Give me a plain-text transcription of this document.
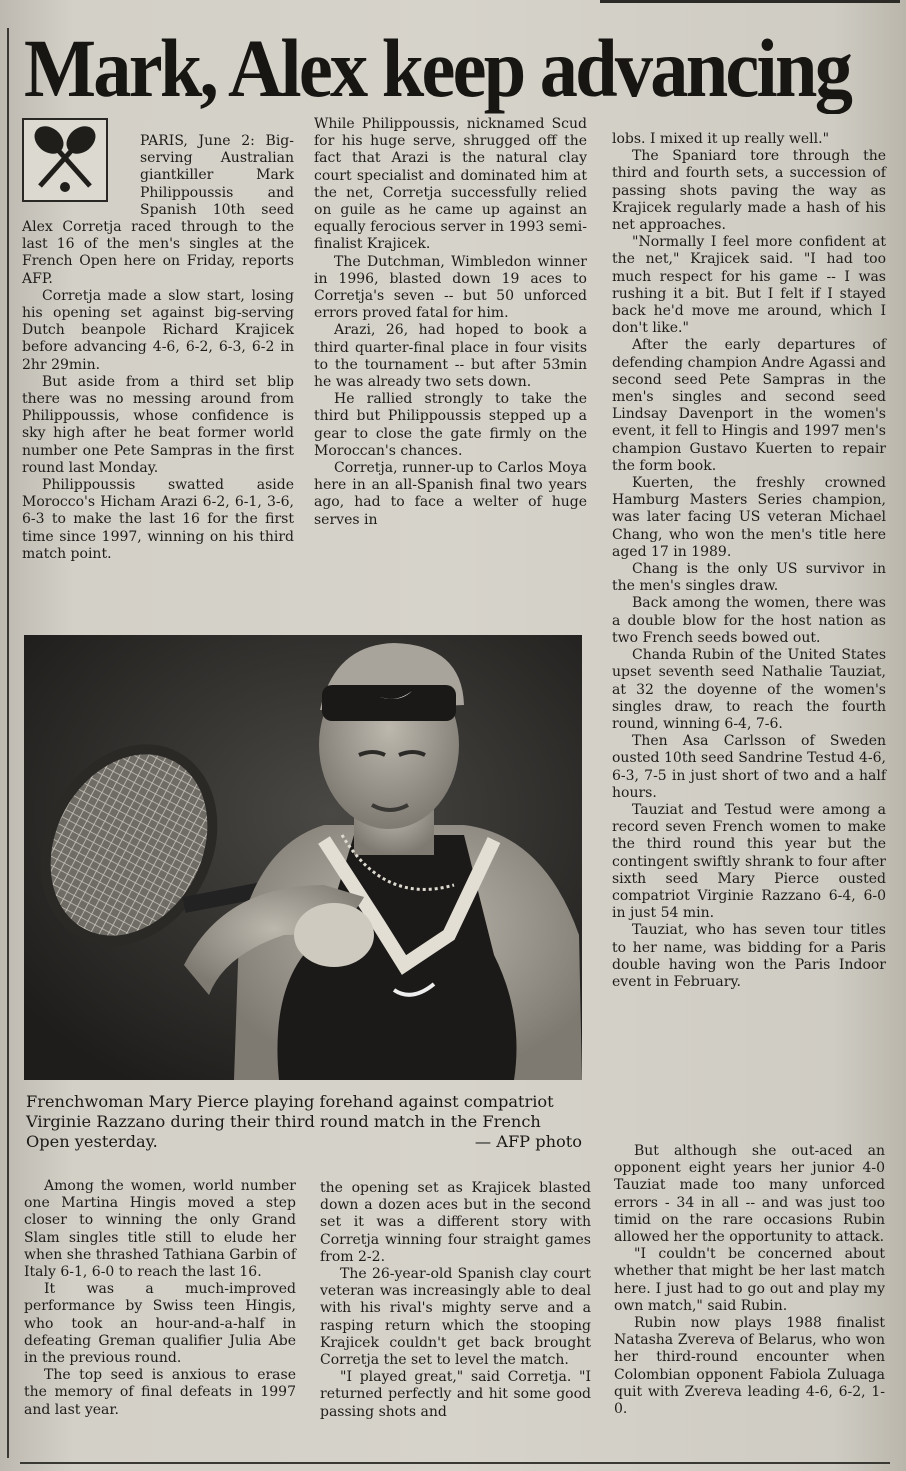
Mark, Alex keep advancing

PARIS, June 2: Big-serving Australian giantkiller Mark Philippoussis and Spanish 10th seed Alex Corretja raced through to the last 16 of the men's singles at the French Open here on Friday, reports AFP.

Corretja made a slow start, losing his opening set against big-serving Dutch beanpole Richard Krajicek before advancing 4-6, 6-2, 6-3, 6-2 in 2hr 29min.

But aside from a third set blip there was no messing around from Philippoussis, whose confidence is sky high after he beat former world number one Pete Sampras in the first round last Monday.

Philippoussis swatted aside Morocco's Hicham Arazi 6-2, 6-1, 3-6, 6-3 to make the last 16 for the first time since 1997, winning on his third match point.

While Philippoussis, nicknamed Scud for his huge serve, shrugged off the fact that Arazi is the natural clay court specialist and dominated him at the net, Corretja successfully relied on guile as he came up against an equally ferocious server in 1993 semi-finalist Krajicek.

The Dutchman, Wimbledon winner in 1996, blasted down 19 aces to Corretja's seven -- but 50 unforced errors proved fatal for him.

Arazi, 26, had hoped to book a third quarter-final place in four visits to the tournament -- but after 53min he was already two sets down.

He rallied strongly to take the third but Philippoussis stepped up a gear to close the gate firmly on the Moroccan's chances.

Corretja, runner-up to Carlos Moya here in an all-Spanish final two years ago, had to face a welter of huge serves in

lobs. I mixed it up really well."

The Spaniard tore through the third and fourth sets, a succession of passing shots paving the way as Krajicek regularly made a hash of his net approaches.

"Normally I feel more confident at the net," Krajicek said. "I had too much respect for his game -- I was rushing it a bit. But I felt if I stayed back he'd move me around, which I don't like."

After the early departures of defending champion Andre Agassi and second seed Pete Sampras in the men's singles and second seed Lindsay Davenport in the women's event, it fell to Hingis and 1997 men's champion Gustavo Kuerten to repair the form book.

Kuerten, the freshly crowned Hamburg Masters Series champion, was later facing US veteran Michael Chang, who won the men's title here aged 17 in 1989.

Chang is the only US survivor in the men's singles draw.

Back among the women, there was a double blow for the host nation as two French seeds bowed out.

Chanda Rubin of the United States upset seventh seed Nathalie Tauziat, at 32 the doyenne of the women's singles draw, to reach the fourth round, winning 6-4, 7-6.

Then Asa Carlsson of Sweden ousted 10th seed Sandrine Testud 4-6, 6-3, 7-5 in just short of two and a half hours.

Tauziat and Testud were among a record seven French women to make the third round this year but the contingent swiftly shrank to four after sixth seed Mary Pierce ousted compatriot Virginie Razzano 6-4, 6-0 in just 54 min.

Tauziat, who has seven tour titles to her name, was bidding for a Paris double having won the Paris Indoor event in February.

Frenchwoman Mary Pierce playing forehand against compatriot Virginie Razzano during their third round match in the French Open yesterday.	— AFP photo

Among the women, world number one Martina Hingis moved a step closer to winning the only Grand Slam singles title still to elude her when she thrashed Tathiana Garbin of Italy 6-1, 6-0 to reach the last 16.

It was a much-improved performance by Swiss teen Hingis, who took an hour-and-a-half in defeating Greman qualifier Julia Abe in the previous round.

The top seed is anxious to erase the memory of final defeats in 1997 and last year.

the opening set as Krajicek blasted down a dozen aces but in the second set it was a different story with Corretja winning four straight games from 2-2.

The 26-year-old Spanish clay court veteran was increasingly able to deal with his rival's mighty serve and a rasping return which the stooping Krajicek couldn't get back brought Corretja the set to level the match.

"I played great," said Corretja. "I returned perfectly and hit some good passing shots and

But although she out-aced an opponent eight years her junior 4-0 Tauziat made too many unforced errors - 34 in all -- and was just too timid on the rare occasions Rubin allowed her the opportunity to attack.

"I couldn't be concerned about whether that might be her last match here. I just had to go out and play my own match," said Rubin.

Rubin now plays 1988 finalist Natasha Zvereva of Belarus, who won her third-round encounter when Colombian opponent Fabiola Zuluaga quit with Zvereva leading 4-6, 6-2, 1-0.
